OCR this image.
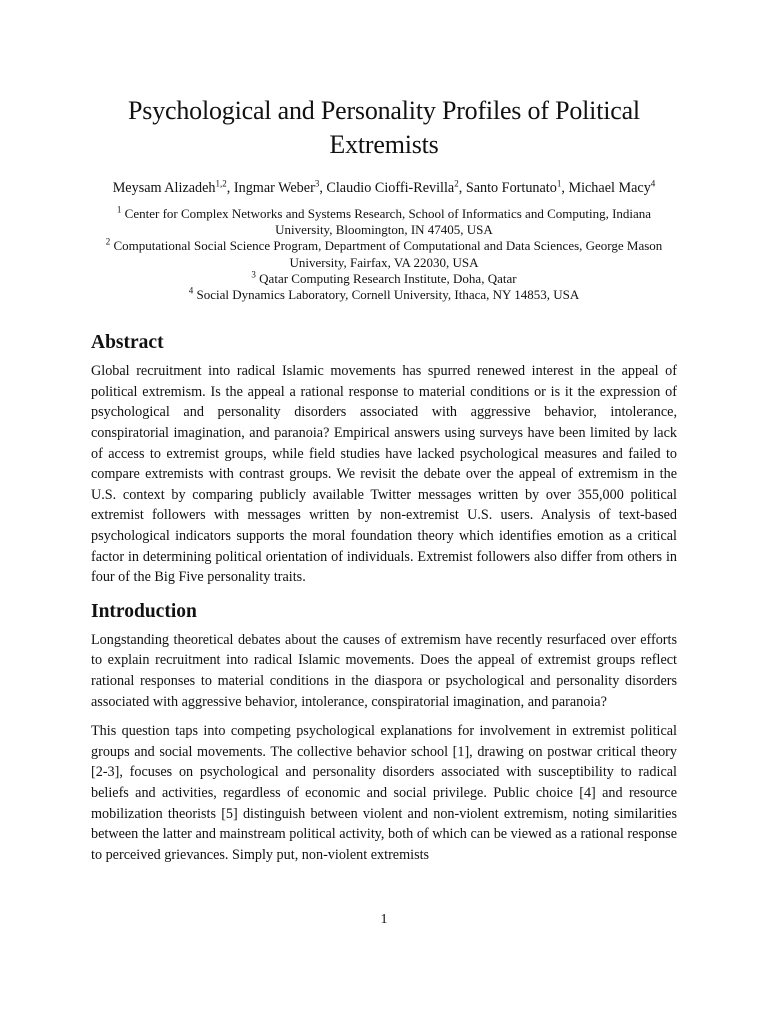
Psychological and Personality Profiles of Political Extremists
Meysam Alizadeh$^{1,2}$, Ingmar Weber$^3$, Claudio Cioffi-Revilla$^2$, Santo Fortunato$^1$, Michael Macy$^4$
$^1$ Center for Complex Networks and Systems Research, School of Informatics and Computing, Indiana University, Bloomington, IN 47405, USA
$^2$ Computational Social Science Program, Department of Computational and Data Sciences, George Mason University, Fairfax, VA 22030, USA
$^3$ Qatar Computing Research Institute, Doha, Qatar
$^4$ Social Dynamics Laboratory, Cornell University, Ithaca, NY 14853, USA
Abstract

Global recruitment into radical Islamic movements has spurred renewed interest in the appeal of political extremism. Is the appeal a rational response to material conditions or is it the expression of psychological and personality disorders associated with aggressive behavior, intolerance, conspiratorial imagination, and paranoia? Empirical answers using surveys have been limited by lack of access to extremist groups, while field studies have lacked psychological measures and failed to compare extremists with contrast groups. We revisit the debate over the appeal of extremism in the U.S. context by comparing publicly available Twitter messages written by over 355,000 political extremist followers with messages written by non-extremist U.S. users. Analysis of text-based psychological indicators supports the moral foundation theory which identifies emotion as a critical factor in determining political orientation of individuals. Extremist followers also differ from others in four of the Big Five personality traits.

Introduction

Longstanding theoretical debates about the causes of extremism have recently resurfaced over efforts to explain recruitment into radical Islamic movements. Does the appeal of extremist groups reflect rational responses to material conditions in the diaspora or psychological and personality disorders associated with aggressive behavior, intolerance, conspiratorial imagination, and paranoia?

This question taps into competing psychological explanations for involvement in extremist political groups and social movements. The collective behavior school [1], drawing on postwar critical theory [2-3], focuses on psychological and personality disorders associated with susceptibility to radical beliefs and activities, regardless of economic and social privilege. Public choice [4] and resource mobilization theorists [5] distinguish between violent and non-violent extremism, noting similarities between the latter and mainstream political activity, both of which can be viewed as a rational response to perceived grievances. Simply put, non-violent extremists

1
